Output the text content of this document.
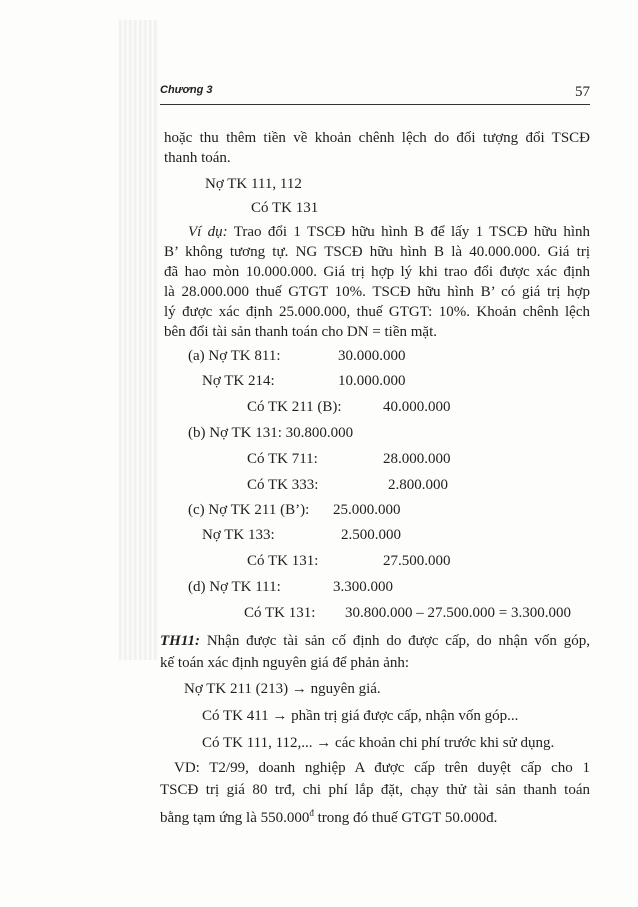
Chương 3	57
hoặc thu thêm tiền về khoản chênh lệch do đối tượng đổi TSCĐ
thanh toán.
Nợ TK 111, 112
Có TK 131
Ví dụ: Trao đổi 1 TSCĐ hữu hình B để lấy 1 TSCĐ hữu hình
B’ không tương tự. NG TSCĐ hữu hình B là 40.000.000. Giá trị
đã hao mòn 10.000.000. Giá trị hợp lý khi trao đổi được xác định
là 28.000.000 thuế GTGT 10%. TSCĐ hữu hình B’ có giá trị hợp
lý được xác định 25.000.000, thuế GTGT: 10%. Khoản chênh lệch
bên đổi tài sản thanh toán cho DN = tiền mặt.
(a) Nợ TK 811:	30.000.000
Nợ TK 214:	10.000.000
Có TK 211 (B):	40.000.000
(b) Nợ TK 131: 30.800.000
Có TK 711:	28.000.000
Có TK 333:	2.800.000
(c) Nợ TK 211 (B’): 25.000.000
Nợ TK 133:	2.500.000
Có TK 131:	27.500.000
(d) Nợ TK 111:	3.300.000
Có TK 131: 30.800.000 – 27.500.000 = 3.300.000
TH11: Nhận được tài sản cố định do được cấp, do nhận vốn góp,
kế toán xác định nguyên giá để phản ảnh:
Nợ TK 211 (213) → nguyên giá.
Có TK 411 → phần trị giá được cấp, nhận vốn góp...
Có TK 111, 112,... → các khoản chi phí trước khi sử dụng.
VD: T2/99, doanh nghiệp A được cấp trên duyệt cấp cho 1
TSCĐ trị giá 80 trđ, chi phí lắp đặt, chạy thử tài sản thanh toán
bằng tạm ứng là $550.000^đ$ trong đó thuế GTGT 50.000đ.
